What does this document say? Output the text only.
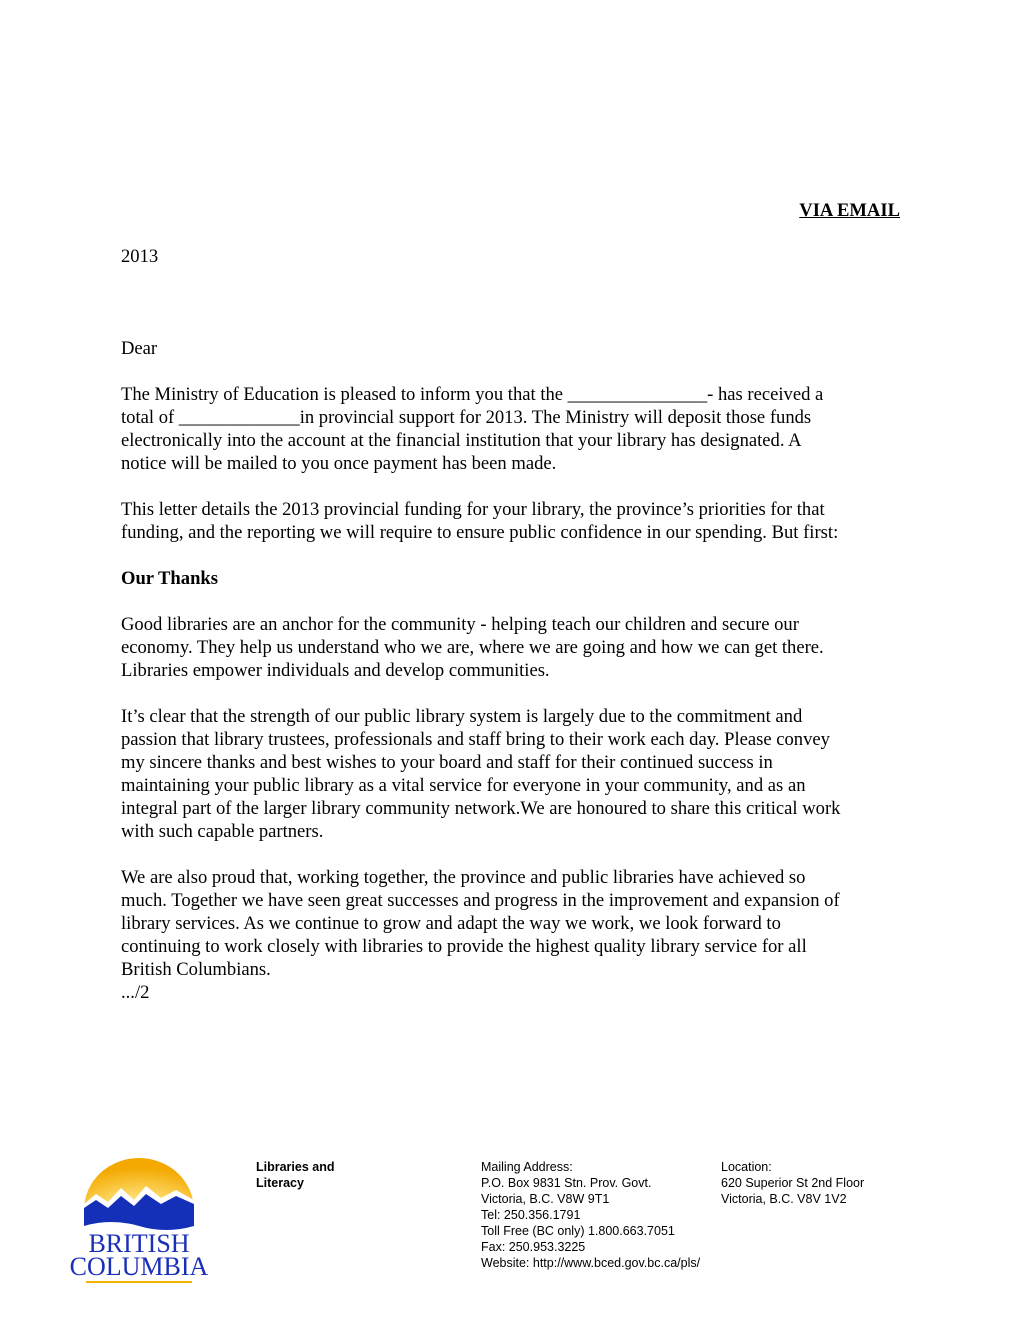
VIA EMAIL
2013
Dear
The Ministry of Education is pleased to inform you that the _______________- has received a
total of _____________in provincial support for 2013. The Ministry will deposit those funds
electronically into the account at the financial institution that your library has designated. A
notice will be mailed to you once payment has been made.
This letter details the 2013 provincial funding for your library, the province’s priorities for that
funding, and the reporting we will require to ensure public confidence in our spending. But first:
Our Thanks
Good libraries are an anchor for the community - helping teach our children and secure our
economy. They help us understand who we are, where we are going and how we can get there.
Libraries empower individuals and develop communities.
It’s clear that the strength of our public library system is largely due to the commitment and
passion that library trustees, professionals and staff bring to their work each day. Please convey
my sincere thanks and best wishes to your board and staff for their continued success in
maintaining your public library as a vital service for everyone in your community, and as an
integral part of the larger library community network.We are honoured to share this critical work
with such capable partners.
We are also proud that, working together, the province and public libraries have achieved so
much. Together we have seen great successes and progress in the improvement and expansion of
library services. As we continue to grow and adapt the way we work, we look forward to
continuing to work closely with libraries to provide the highest quality library service for all
British Columbians.
.../2
BRITISH
COLUMBIA
Libraries and
Literacy
Mailing Address:
P.O. Box 9831 Stn. Prov. Govt.
Victoria, B.C. V8W 9T1
Tel: 250.356.1791
Toll Free (BC only) 1.800.663.7051
Fax: 250.953.3225
Website: http://www.bced.gov.bc.ca/pls/
Location:
620 Superior St 2nd Floor
Victoria, B.C. V8V 1V2
